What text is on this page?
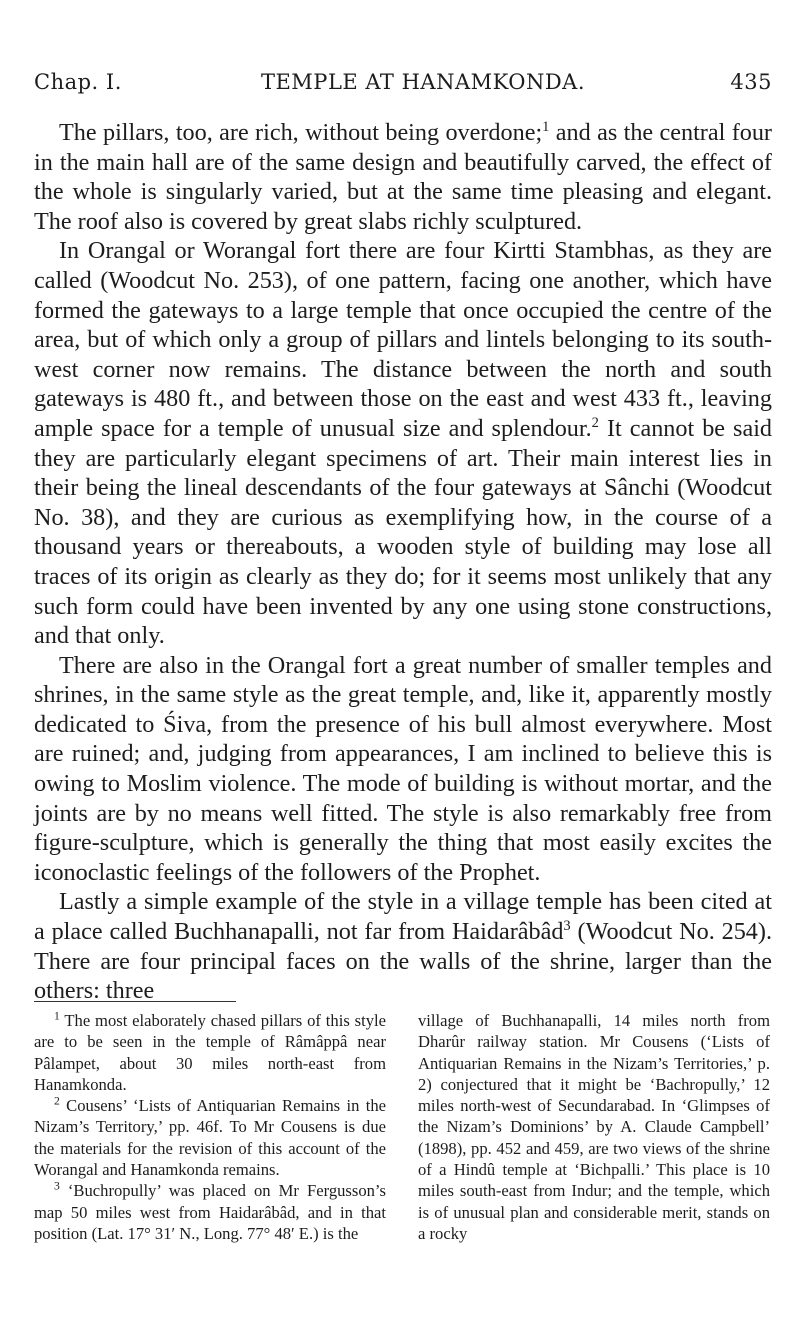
Chap. I.	TEMPLE AT HANAMKONDA.	435

The pillars, too, are rich, without being overdone;$^1$ and as the central four in the main hall are of the same design and beautifully carved, the effect of the whole is singularly varied, but at the same time pleasing and elegant. The roof also is covered by great slabs richly sculptured.

In Orangal or Worangal fort there are four Kirtti Stambhas, as they are called (Woodcut No. 253), of one pattern, facing one another, which have formed the gateways to a large temple that once occupied the centre of the area, but of which only a group of pillars and lintels belonging to its south-west corner now remains. The distance between the north and south gateways is 480 ft., and between those on the east and west 433 ft., leaving ample space for a temple of unusual size and splendour.$^2$ It cannot be said they are particularly elegant specimens of art. Their main interest lies in their being the lineal descendants of the four gateways at Sânchi (Woodcut No. 38), and they are curious as exemplifying how, in the course of a thousand years or thereabouts, a wooden style of building may lose all traces of its origin as clearly as they do; for it seems most unlikely that any such form could have been invented by any one using stone constructions, and that only.

There are also in the Orangal fort a great number of smaller temples and shrines, in the same style as the great temple, and, like it, apparently mostly dedicated to Śiva, from the presence of his bull almost everywhere. Most are ruined; and, judging from appearances, I am inclined to believe this is owing to Moslim violence. The mode of building is without mortar, and the joints are by no means well fitted. The style is also remarkably free from figure-sculpture, which is generally the thing that most easily excites the iconoclastic feelings of the followers of the Prophet.

Lastly a simple example of the style in a village temple has been cited at a place called Buchhanapalli, not far from Haidarâbâd$^3$ (Woodcut No. 254). There are four principal faces on the walls of the shrine, larger than the others: three

$^1$ The most elaborately chased pillars of this style are to be seen in the temple of Râmâppâ near Pâlampet, about 30 miles north-east from Hanamkonda.

$^2$ Cousens’ ‘Lists of Antiquarian Remains in the Nizam’s Territory,’ pp. 46f. To Mr Cousens is due the materials for the revision of this account of the Worangal and Hanamkonda remains.

$^3$ ‘Buchropully’ was placed on Mr Fergusson’s map 50 miles west from Haidarâbâd, and in that position (Lat. 17° 31′ N., Long. 77° 48′ E.) is the

village of Buchhanapalli, 14 miles north from Dharûr railway station. Mr Cousens (‘Lists of Antiquarian Remains in the Nizam’s Territories,’ p. 2) conjectured that it might be ‘Bachropully,’ 12 miles north-west of Secundarabad. In ‘Glimpses of the Nizam’s Dominions’ by A. Claude Campbell’ (1898), pp. 452 and 459, are two views of the shrine of a Hindû temple at ‘Bichpalli.’ This place is 10 miles south-east from Indur; and the temple, which is of unusual plan and considerable merit, stands on a rocky
